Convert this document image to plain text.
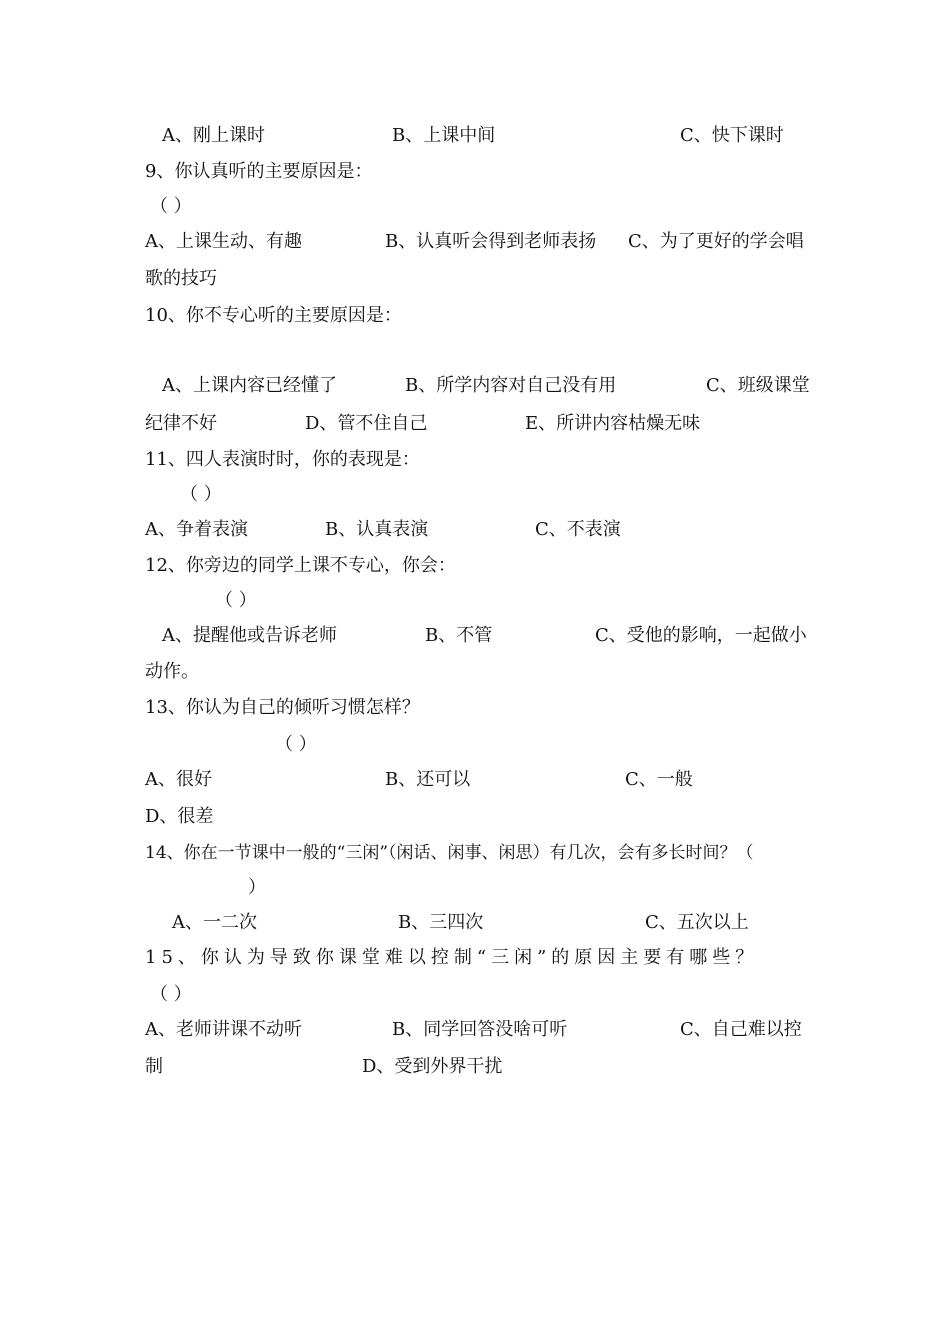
A、刚上课时	B、上课中间	C、快下课时
9、你认真听的主要原因是：
（ ）
A、上课生动、有趣	B、认真听会得到老师表扬 C、为了更好的学会唱
歌的技巧
10、你不专心听的主要原因是：
A、上课内容已经懂了	B、所学内容对自己没有用	C、班级课堂
纪律不好	D、管不住自己	E、所讲内容枯燥无味
11、四人表演时时，你的表现是：
（ ）
A、争着表演	B、认真表演	C、不表演
12、你旁边的同学上课不专心，你会：
（ ）
A、提醒他或告诉老师	B、不管	C、受他的影响，一起做小
动作。
13、你认为自己的倾听习惯怎样？
（ ）
A、很好	B、还可以	C、一般
D、很差
14、你在一节课中一般的“三闲”（闲话、闲事、闲思）有几次，会有多长时间？（
）
A、一二次	B、三四次	C、五次以上
15、你认为导致你课堂难以控制“三闲”的原因主要有哪些？
（ ）
A、老师讲课不动听	B、同学回答没啥可听	C、自己难以控
制	D、受到外界干扰
